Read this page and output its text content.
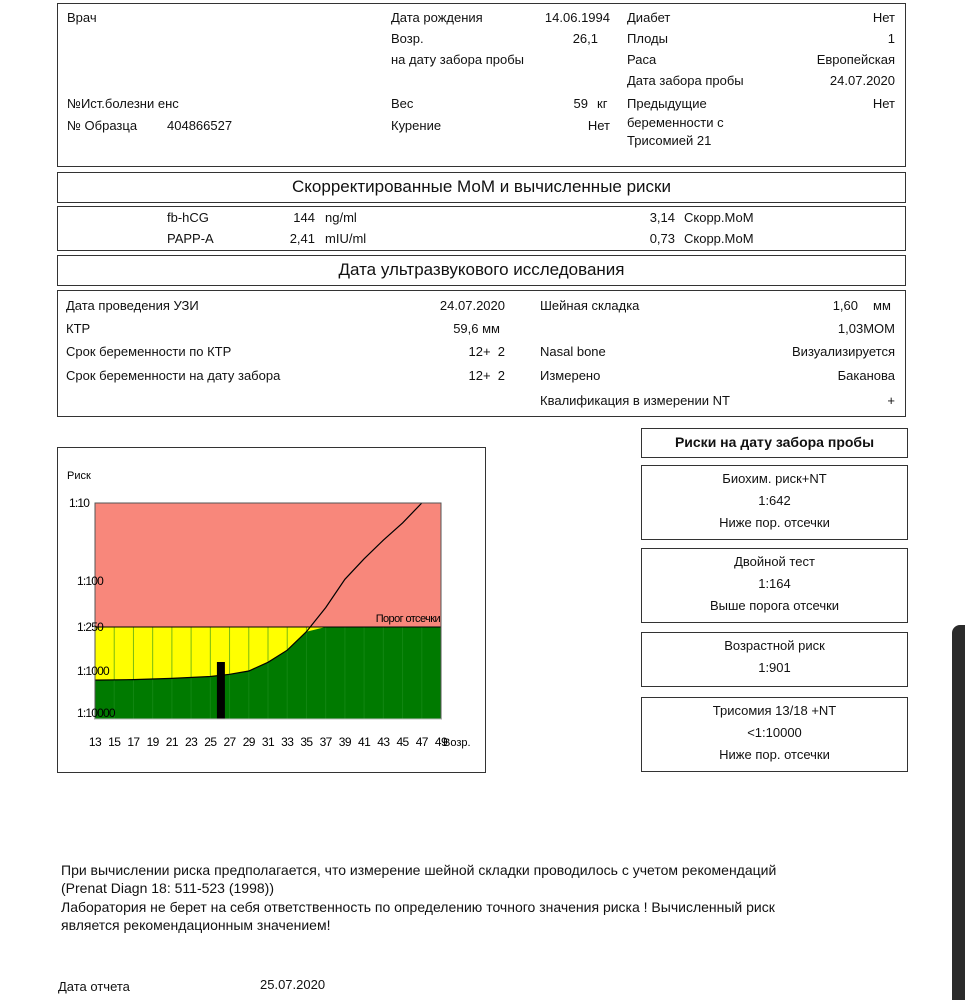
Врач
№Ист.болезни енс
№ Образца 404866527
Дата рождения	14.06.1994
Возр.	26,1
на дату забора пробы
Вес	59 кг
Курение	Нет
Диабет	Нет
Плоды	1
Раса	Европейская
Дата забора пробы	24.07.2020
Предыдущие
беременности с
Трисомией 21
Нет
Скорректированные МоМ и вычисленные риски
fb-hCG	144 ng/ml	3,14 Скорр.МоМ
PAPP-A	2,41 mIU/ml	0,73 Скорр.МоМ
Дата ультразвукового исследования
Дата проведения УЗИ	24.07.2020
КТР	59,6 мм
Срок беременности по КТР	12+  2
Срок беременности на дату забора	12+  2
Шейная складка	1,60 мм
1,03МОМ
Nasal bone	Визуализируется
Измерено	Баканова
Квалификация в измерении NT	+
Порог отсечки
1:10
1:100
1:250
1:1000
1:10000
13 15 17 19 21 23 25 27 29 31 33 35 37 39 41 43 45 47 49
Риск
Возр.
Риски на дату забора пробы
Биохим. риск+NT
1:642
Ниже пор. отсечки
Двойной тест
1:164
Выше порога отсечки
Возрастной риск
1:901
Трисомия 13/18 +NT
<1:10000
Ниже пор. отсечки
При вычислении риска предполагается, что измерение шейной складки проводилось с учетом рекомендаций
(Prenat Diagn 18: 511-523 (1998))
Лаборатория не берет на себя ответственность по определению точного значения риска ! Вычисленный риск
является рекомендационным значением!
Дата отчета	25.07.2020
